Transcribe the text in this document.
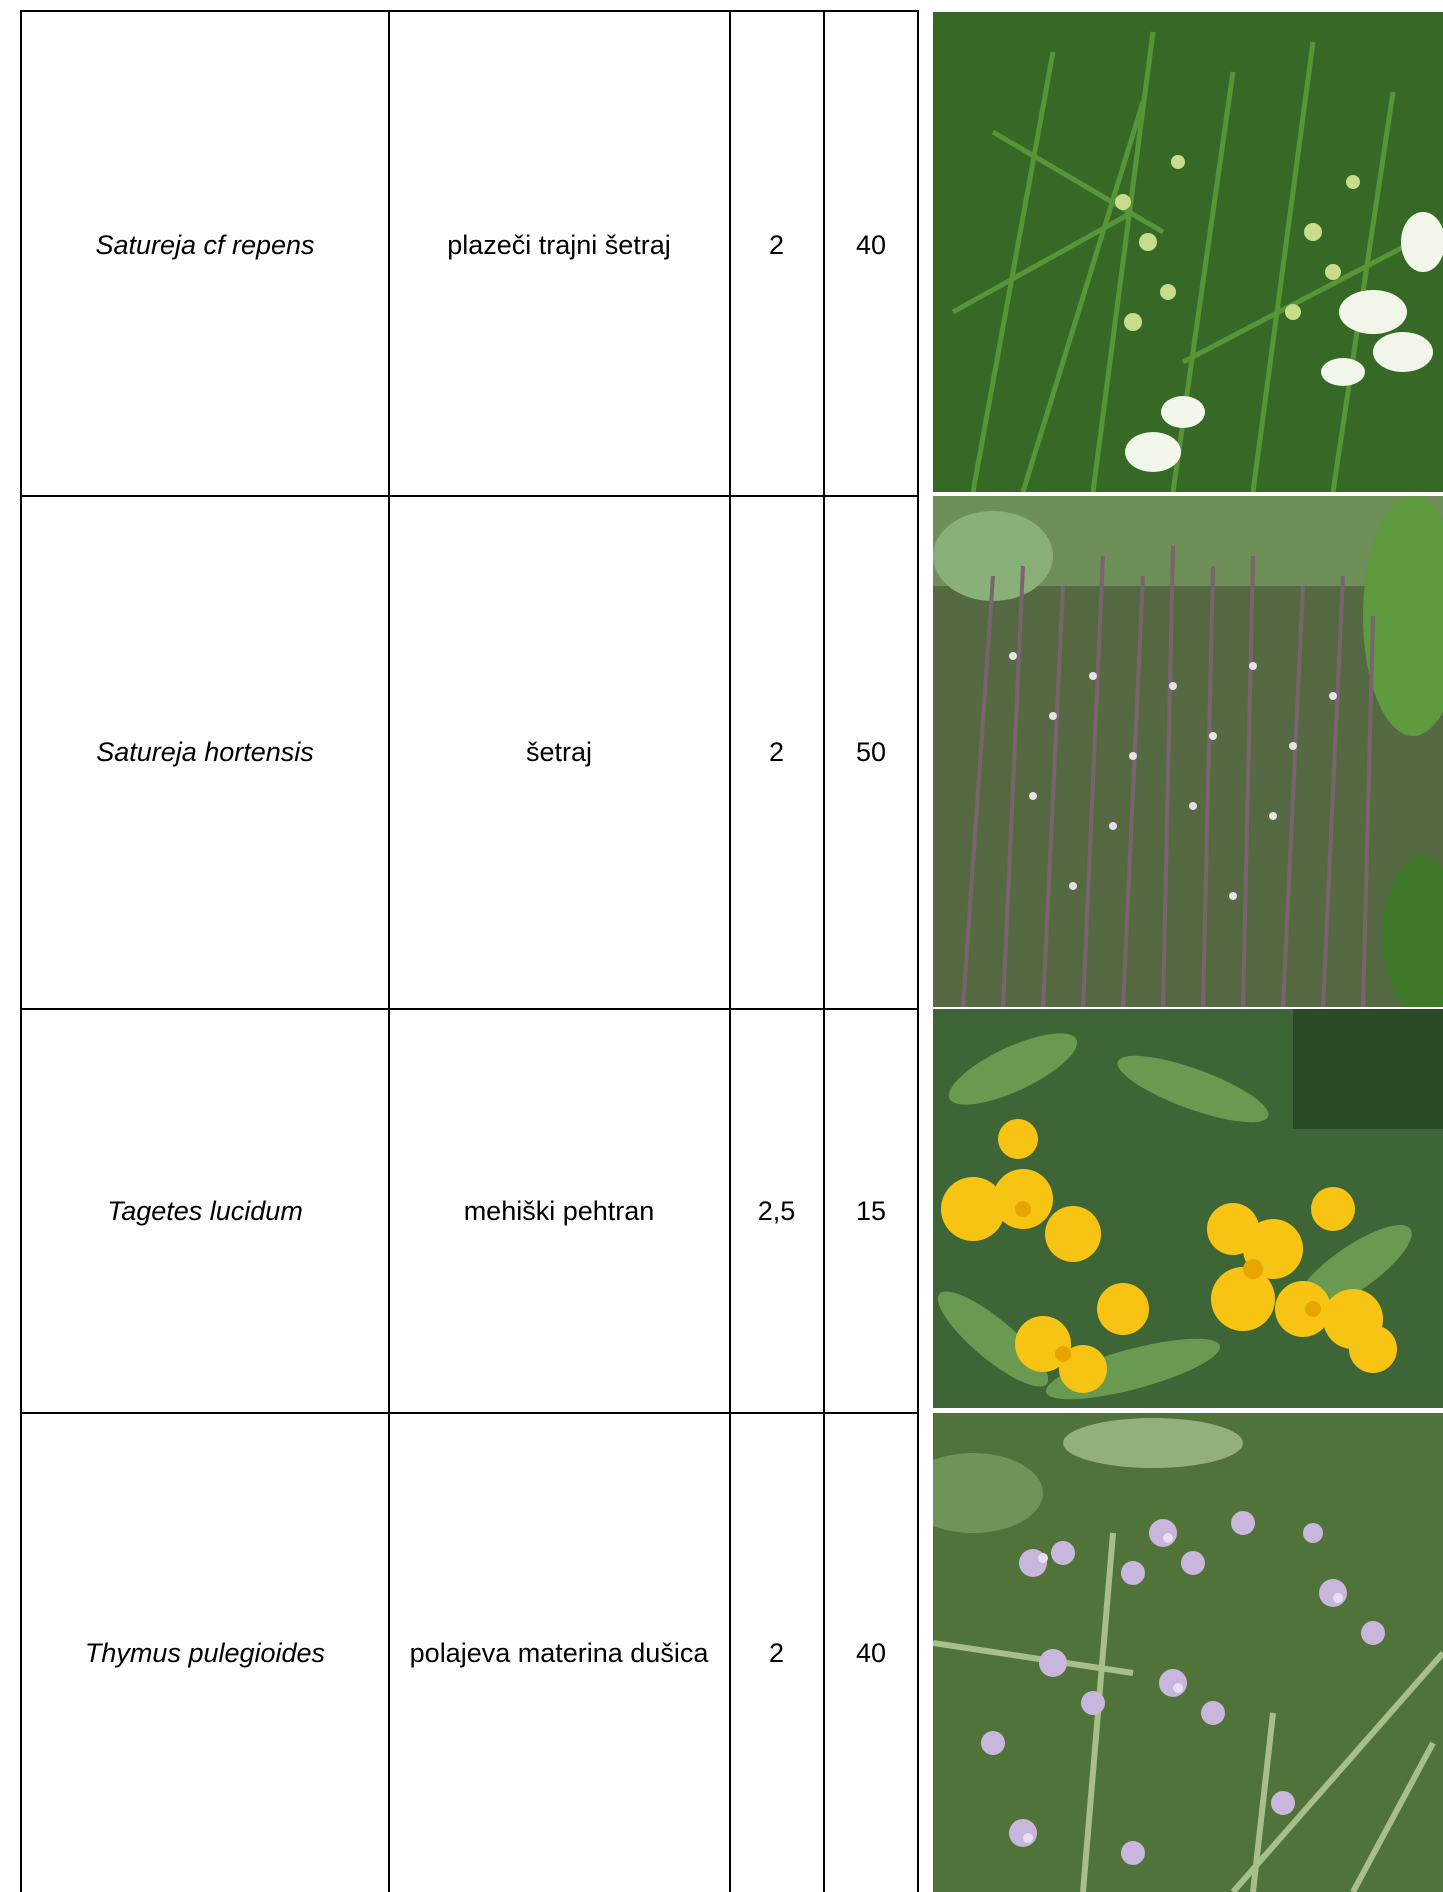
Satureja cf repens	plazeči trajni šetraj	2	40
Satureja hortensis	šetraj	2	50
Tagetes lucidum	mehiški pehtran	2,5	15
Thymus pulegioides	polajeva materina dušica	2	40
